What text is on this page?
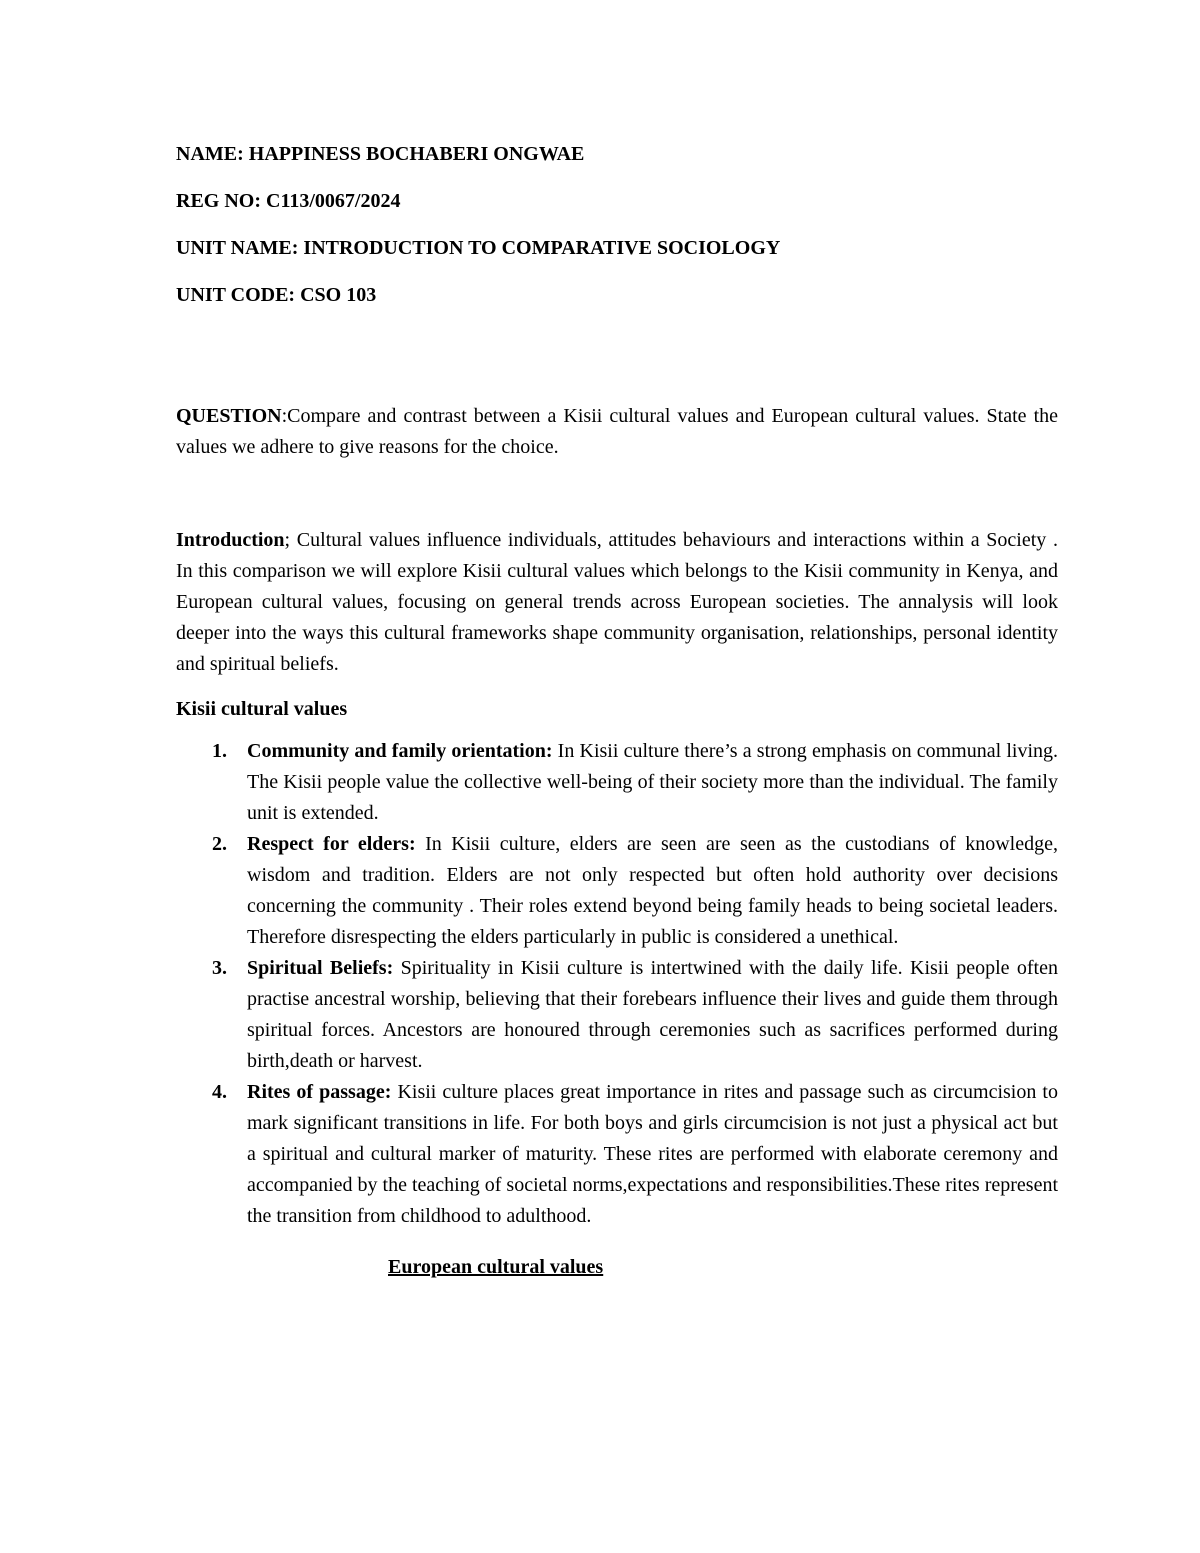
NAME: HAPPINESS BOCHABERI ONGWAE

REG NO: C113/0067/2024

UNIT NAME: INTRODUCTION TO COMPARATIVE SOCIOLOGY

UNIT CODE: CSO 103

QUESTION:Compare and contrast between a Kisii cultural values and European cultural values. State the values we adhere to give reasons for the choice.

Introduction; Cultural values influence individuals, attitudes behaviours and interactions within a Society . In this comparison we will explore Kisii cultural values which belongs to the Kisii community in Kenya, and European cultural values, focusing on general trends across European societies. The annalysis will look deeper into the ways this cultural frameworks shape community organisation, relationships, personal identity and spiritual beliefs.

Kisii cultural values

1. Community and family orientation: In Kisii culture there’s a strong emphasis on communal living. The Kisii people value the collective well-being of their society more than the individual. The family unit is extended.
2. Respect for elders: In Kisii culture, elders are seen are seen as the custodians of knowledge, wisdom and tradition. Elders are not only respected but often hold authority over decisions concerning the community . Their roles extend beyond being family heads to being societal leaders. Therefore disrespecting the elders particularly in public is considered a unethical.
3. Spiritual Beliefs: Spirituality in Kisii culture is intertwined with the daily life. Kisii people often practise ancestral worship, believing that their forebears influence their lives and guide them through spiritual forces. Ancestors are honoured through ceremonies such as sacrifices performed during birth,death or harvest.
4. Rites of passage: Kisii culture places great importance in rites and passage such as circumcision to mark significant transitions in life. For both boys and girls circumcision is not just a physical act but a spiritual and cultural marker of maturity. These rites are performed with elaborate ceremony and accompanied by the teaching of societal norms,expectations and responsibilities.These rites represent the transition from childhood to adulthood.

European cultural values
